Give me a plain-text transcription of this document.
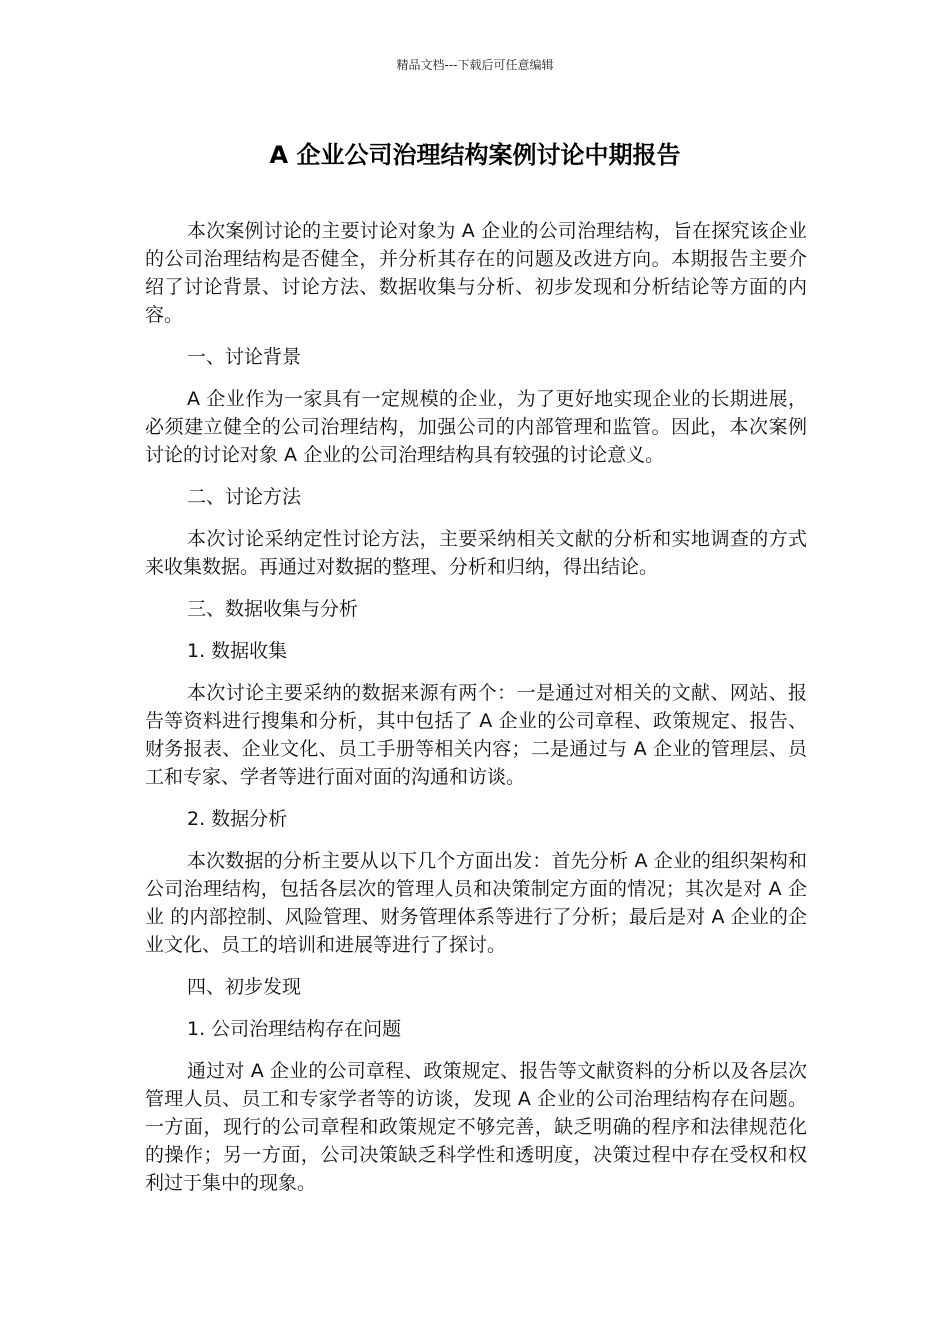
精品文档---下载后可任意编辑
A 企业公司治理结构案例讨论中期报告

本次案例讨论的主要讨论对象为 A 企业的公司治理结构，旨在探究该企业的公司治理结构是否健全，并分析其存在的问题及改进方向。本期报告主要介绍了讨论背景、讨论方法、数据收集与分析、初步发现和分析结论等方面的内容。

一、讨论背景

A 企业作为一家具有一定规模的企业，为了更好地实现企业的长期进展，必须建立健全的公司治理结构，加强公司的内部管理和监管。因此，本次案例讨论的讨论对象 A 企业的公司治理结构具有较强的讨论意义。

二、讨论方法

本次讨论采纳定性讨论方法，主要采纳相关文献的分析和实地调查的方式来收集数据。再通过对数据的整理、分析和归纳，得出结论。

三、数据收集与分析

1. 数据收集

本次讨论主要采纳的数据来源有两个：一是通过对相关的文献、网站、报告等资料进行搜集和分析，其中包括了 A 企业的公司章程、政策规定、报告、财务报表、企业文化、员工手册等相关内容；二是通过与 A 企业的管理层、员工和专家、学者等进行面对面的沟通和访谈。

2. 数据分析

本次数据的分析主要从以下几个方面出发：首先分析 A 企业的组织架构和公司治理结构，包括各层次的管理人员和决策制定方面的情况；其次是对 A 企业 的内部控制、风险管理、财务管理体系等进行了分析；最后是对 A 企业的企业文化、员工的培训和进展等进行了探讨。

四、初步发现

1. 公司治理结构存在问题

通过对 A 企业的公司章程、政策规定、报告等文献资料的分析以及各层次管理人员、员工和专家学者等的访谈，发现 A 企业的公司治理结构存在问题。一方面，现行的公司章程和政策规定不够完善，缺乏明确的程序和法律规范化的操作；另一方面，公司决策缺乏科学性和透明度，决策过程中存在受权和权利过于集中的现象。
